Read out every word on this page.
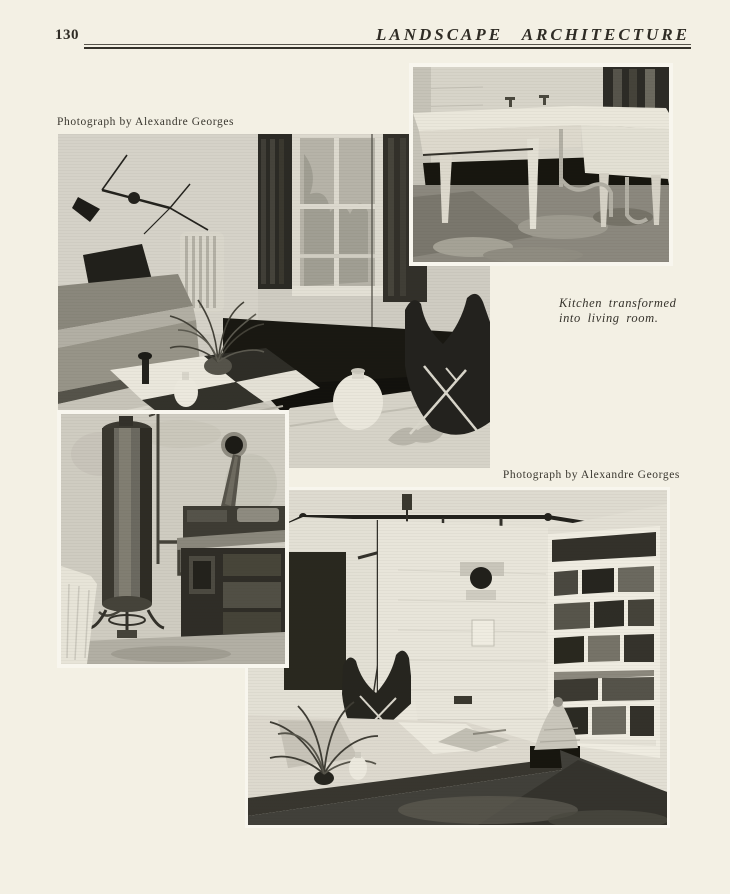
130	LANDSCAPE ARCHITECTURE
Photograph by Alexandre Georges
Kitchen transformed
into living room.
Photograph by Alexandre Georges
